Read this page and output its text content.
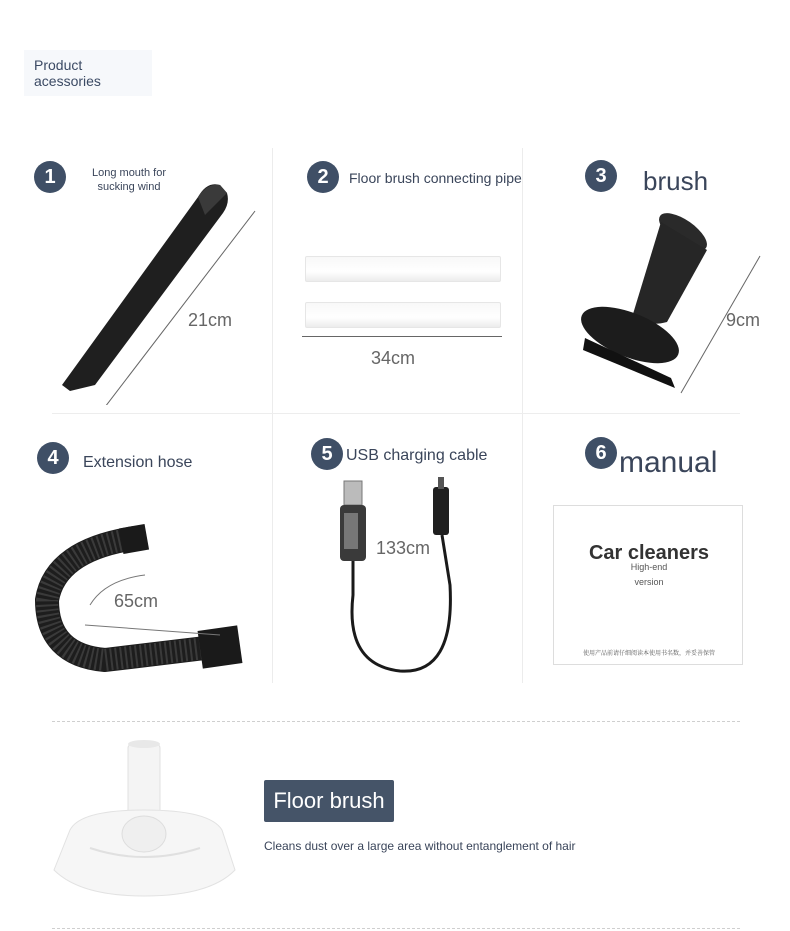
Product acessories
1	Long mouth for sucking wind
21cm
2 Floor brush connecting pipe
34cm
3 brush
9cm
4 Extension hose
65cm
5 USB charging cable
133cm
6 manual
Car cleaners
High-end
version
使用产品前请仔细阅读本使用书名数，并妥善保管
Floor brush
Cleans dust over a large area without entanglement of hair
